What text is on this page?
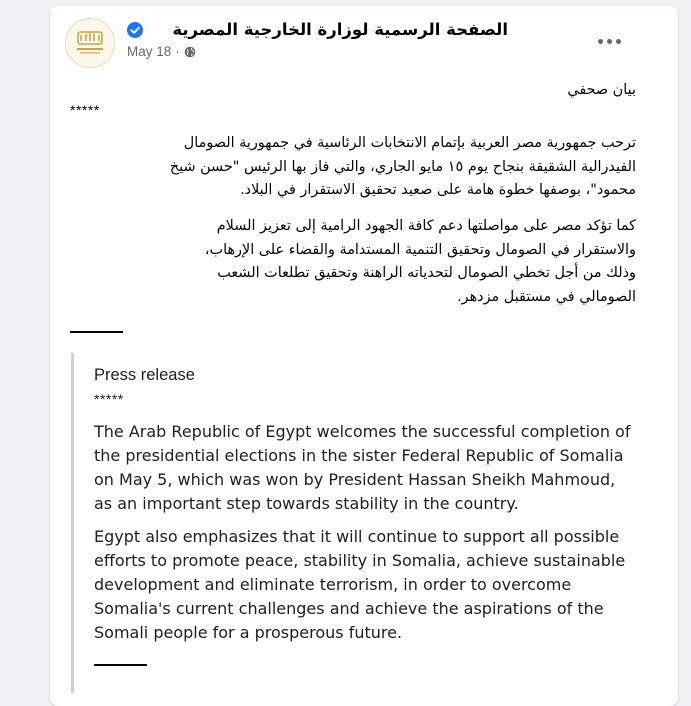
الصفحة الرسمية لوزارة الخارجية المصرية
May 18 ·
بيان صحفي
*****
ترحب جمهورية مصر العربية بإتمام الانتخابات الرئاسية في جمهورية الصومال
الفيدرالية الشقيقة بنجاح يوم ١٥ مايو الجاري، والتي فاز بها الرئيس "حسن شيخ
محمود"، بوصفها خطوة هامة على صعيد تحقيق الاستقرار في البلاد.
كما تؤكد مصر على مواصلتها دعم كافة الجهود الرامية إلى تعزيز السلام
والاستقرار في الصومال وتحقيق التنمية المستدامة والقضاء على الإرهاب،
وذلك من أجل تخطي الصومال لتحدياته الراهنة وتحقيق تطلعات الشعب
الصومالي في مستقبل مزدهر.
Press release
*****
The Arab Republic of Egypt welcomes the successful completion of
the presidential elections in the sister Federal Republic of Somalia
on May 5, which was won by President Hassan Sheikh Mahmoud,
as an important step towards stability in the country.
Egypt also emphasizes that it will continue to support all possible
efforts to promote peace, stability in Somalia, achieve sustainable
development and eliminate terrorism, in order to overcome
Somalia's current challenges and achieve the aspirations of the
Somali people for a prosperous future.
